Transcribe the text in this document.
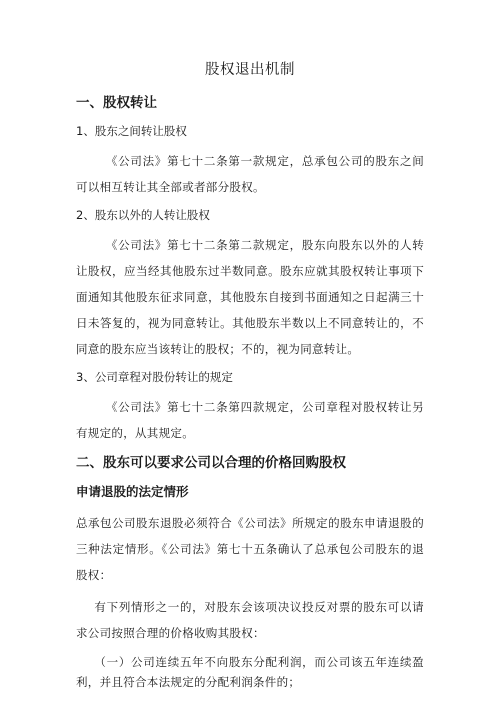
股权退出机制
一、股权转让
1、股东之间转让股权
《公司法》第七十二条第一款规定，总承包公司的股东之间可以相互转让其全部或者部分股权。
2、股东以外的人转让股权
《公司法》第七十二条第二款规定，股东向股东以外的人转让股权，应当经其他股东过半数同意。股东应就其股权转让事项下面通知其他股东征求同意，其他股东自接到书面通知之日起满三十日未答复的，视为同意转让。其他股东半数以上不同意转让的，不同意的股东应当该转让的股权；不的，视为同意转让。
3、公司章程对股份转让的规定
《公司法》第七十二条第四款规定，公司章程对股权转让另有规定的，从其规定。
二、股东可以要求公司以合理的价格回购股权
申请退股的法定情形
总承包公司股东退股必须符合《公司法》所规定的股东申请退股的三种法定情形。《公司法》第七十五条确认了总承包公司股东的退股权：
有下列情形之一的，对股东会该项决议投反对票的股东可以请求公司按照合理的价格收购其股权：
（一）公司连续五年不向股东分配利润，而公司该五年连续盈利，并且符合本法规定的分配利润条件的；
